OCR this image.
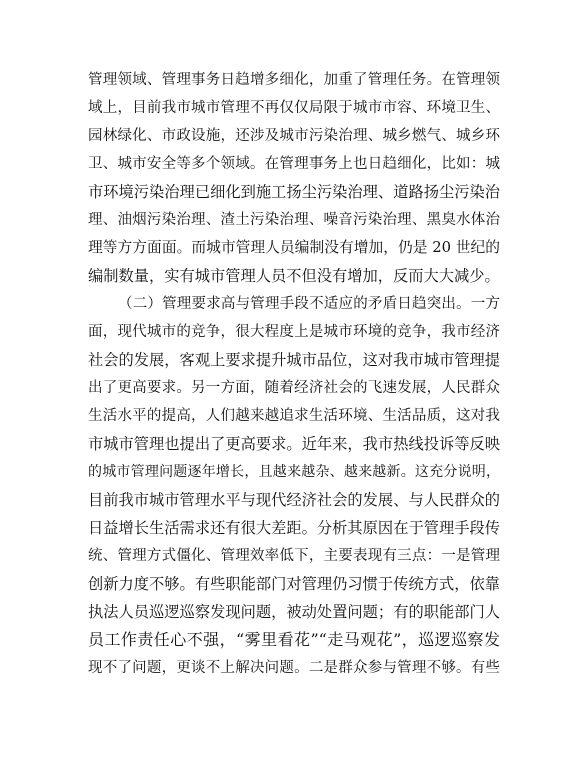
管理领域、管理事务日趋增多细化，加重了管理任务。在管理领
域上，目前我市城市管理不再仅仅局限于城市市容、环境卫生、
园林绿化、市政设施，还涉及城市污染治理、城乡燃气、城乡环
卫、城市安全等多个领域。在管理事务上也日趋细化，比如：城
市环境污染治理已细化到施工扬尘污染治理、道路扬尘污染治
理、油烟污染治理、渣土污染治理、噪音污染治理、黑臭水体治
理等方方面面。而城市管理人员编制没有增加，仍是 20 世纪的
编制数量，实有城市管理人员不但没有增加，反而大大减少。
（二）管理要求高与管理手段不适应的矛盾日趋突出。一方
面，现代城市的竞争，很大程度上是城市环境的竞争，我市经济
社会的发展，客观上要求提升城市品位，这对我市城市管理提
出了更高要求。另一方面，随着经济社会的飞速发展，人民群众
生活水平的提高，人们越来越追求生活环境、生活品质，这对我
市城市管理也提出了更高要求。近年来，我市热线投诉等反映
的城市管理问题逐年增长，且越来越杂、越来越新。这充分说明，
目前我市城市管理水平与现代经济社会的发展、与人民群众的
日益增长生活需求还有很大差距。分析其原因在于管理手段传
统、管理方式僵化、管理效率低下，主要表现有三点：一是管理
创新力度不够。有些职能部门对管理仍习惯于传统方式，依靠
执法人员巡逻巡察发现问题，被动处置问题；有的职能部门人
员工作责任心不强，“雾里看花”“走马观花”，巡逻巡察发
现不了问题，更谈不上解决问题。二是群众参与管理不够。有些
